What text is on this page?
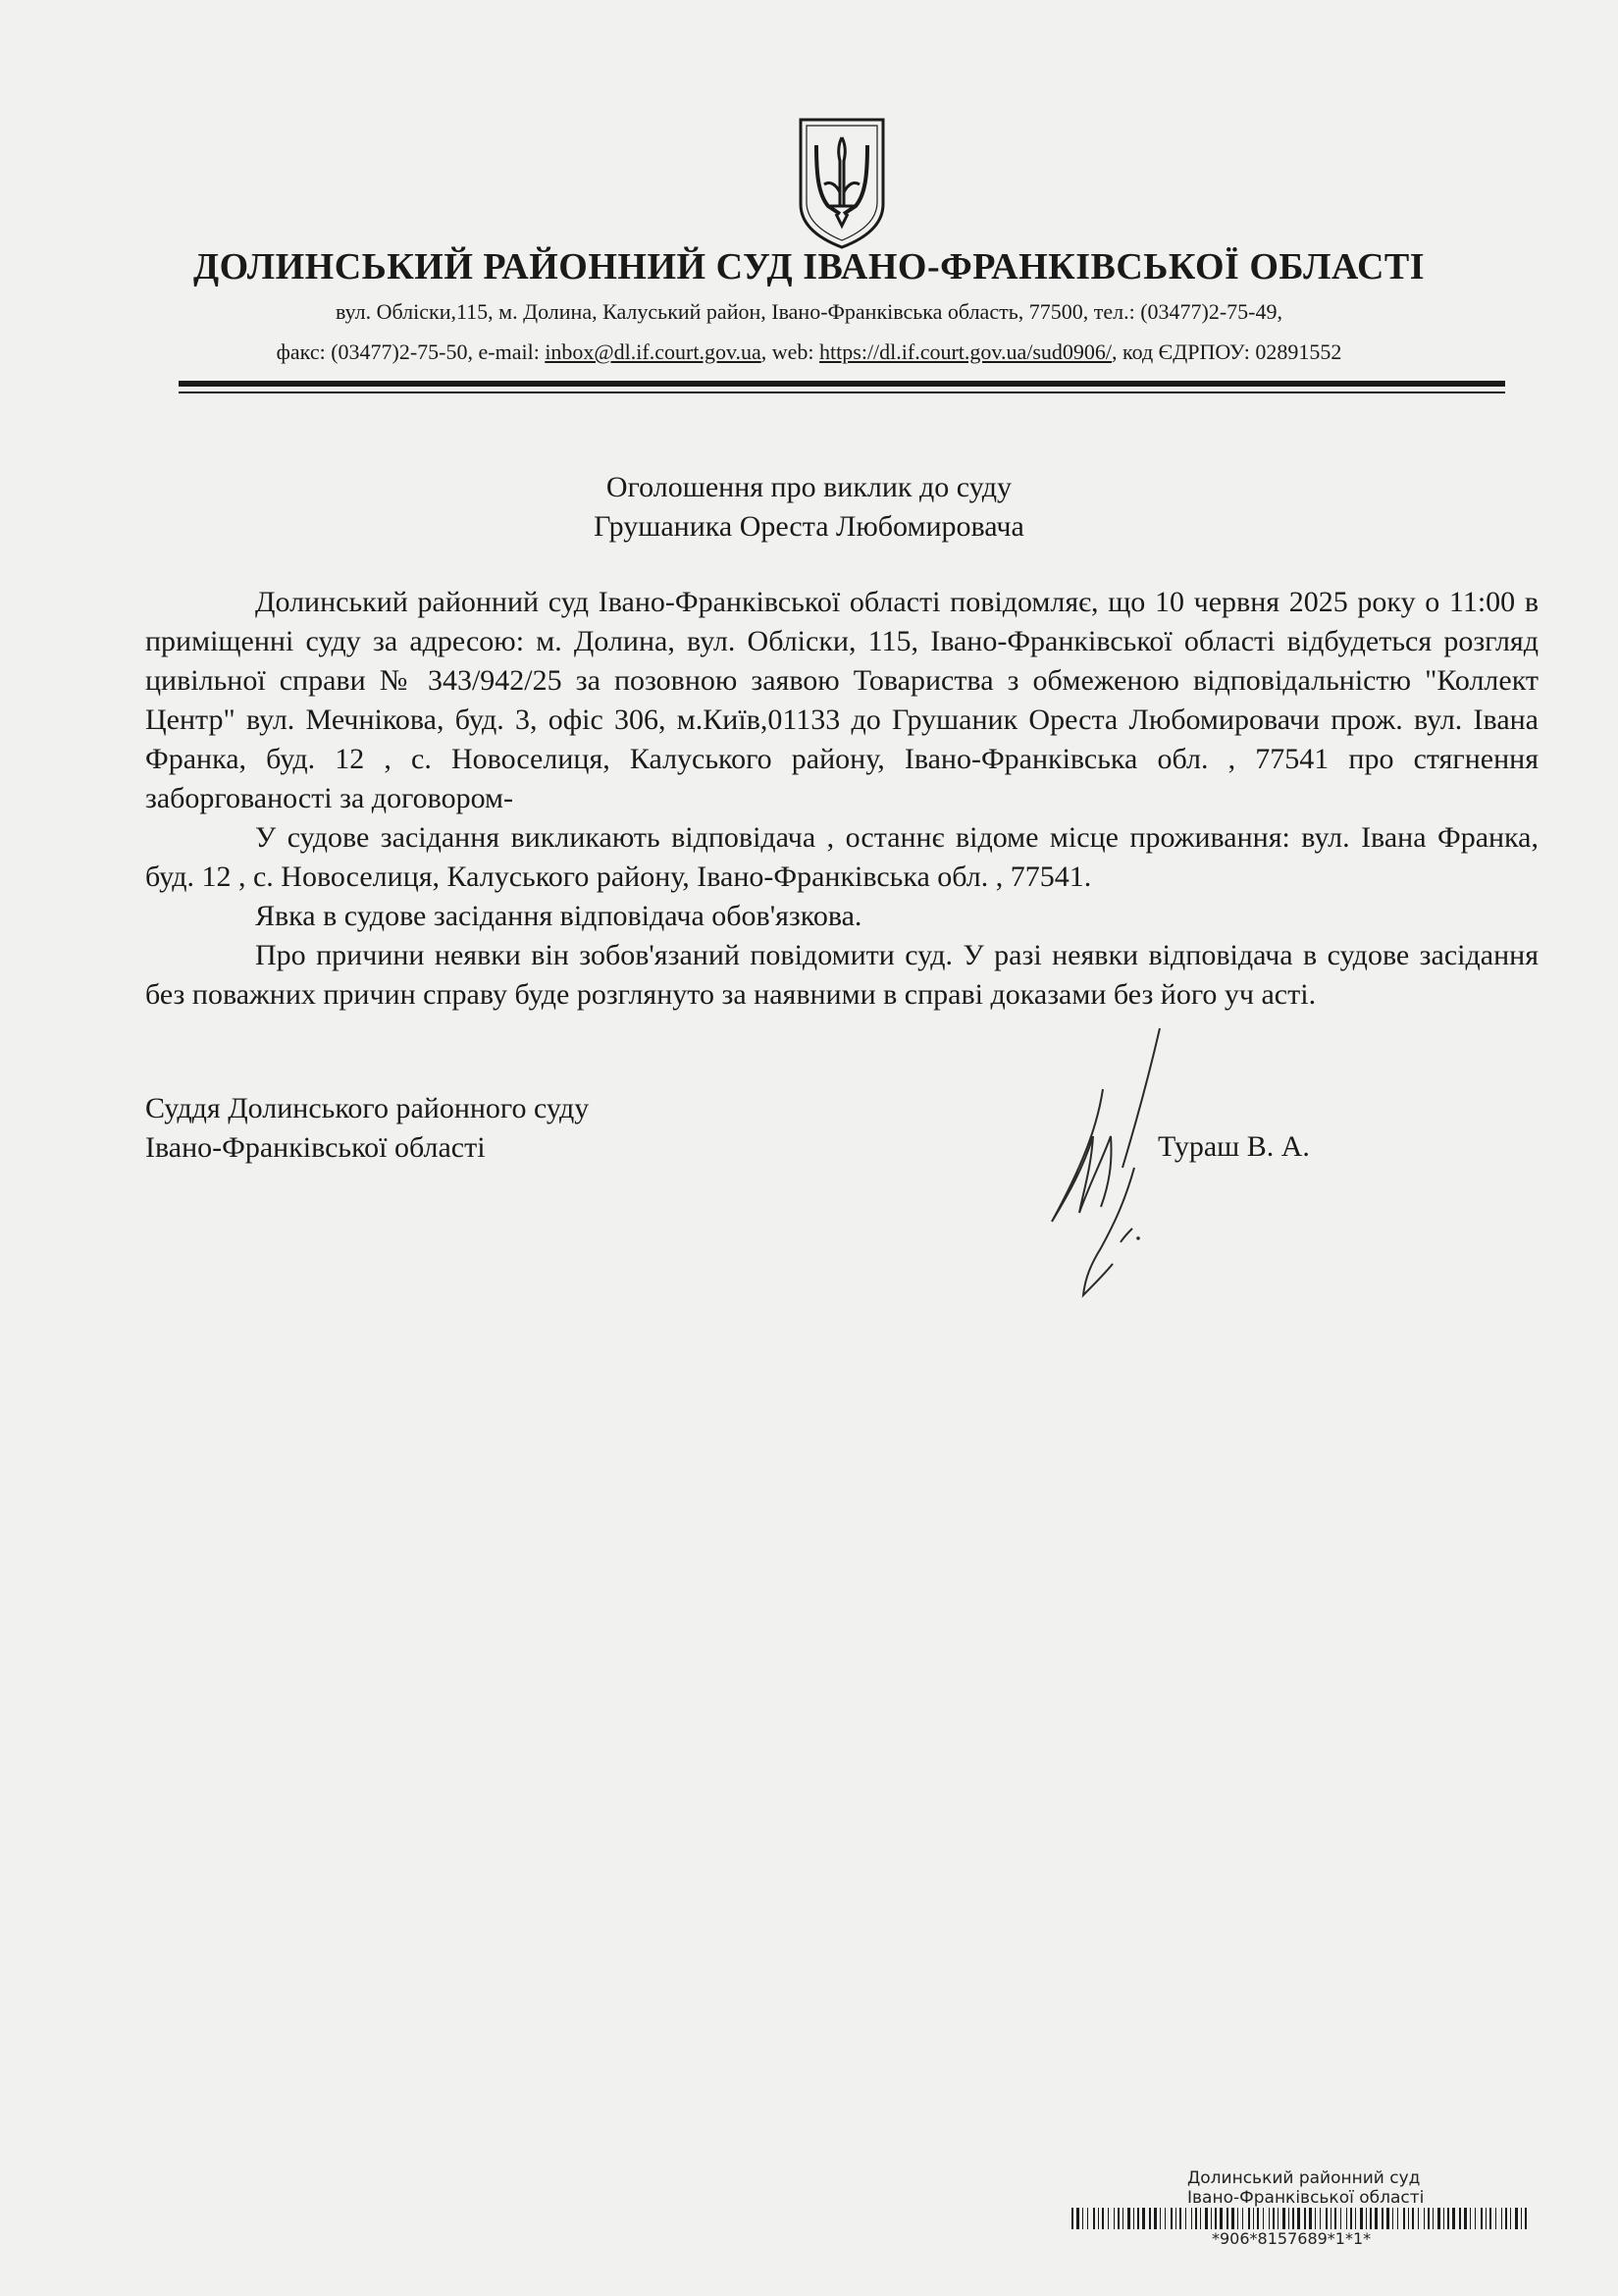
ДОЛИНСЬКИЙ РАЙОННИЙ СУД ІВАНО-ФРАНКІВСЬКОЇ ОБЛАСТІ
вул. Обліски,115, м. Долина, Калуський район, Івано-Франківська область, 77500, тел.: (03477)2-75-49,
факс: (03477)2-75-50, e-mail: inbox@dl.if.court.gov.ua, web: https://dl.if.court.gov.ua/sud0906/, код ЄДРПОУ: 02891552
Оголошення про виклик до суду
Грушаника Ореста Любомировача

Долинський районний суд Івано-Франківської області повідомляє, що 10 червня 2025 року о 11:00 в приміщенні суду за адресою: м. Долина, вул. Обліски, 115, Івано-Франківської області відбудеться розгляд цивільної справи № 343/942/25 за позовною заявою Товариства з обмеженою відповідальністю "Коллект Центр" вул. Мечнікова, буд. 3, офіс 306, м.Київ,01133 до Грушаник Ореста Любомировачи прож. вул. Івана Франка, буд. 12 , с. Новоселиця, Калуського району, Івано-Франківська обл. , 77541 про стягнення заборгованості за договором-

У судове засідання викликають відповідача , останнє відоме місце проживання: вул. Івана Франка, буд. 12 , с. Новоселиця, Калуського району, Івано-Франківська обл. , 77541.

Явка в судове засідання відповідача обов'язкова.

Про причини неявки він зобов'язаний повідомити суд. У разі неявки відповідача в судове засідання без поважних причин справу буде розглянуто за наявними в справі доказами без його уч асті.

Суддя Долинського районного суду
Івано-Франківської області	Тураш В. А.
Долинський районний суд
Івано-Франківської області
*906*8157689*1*1*
